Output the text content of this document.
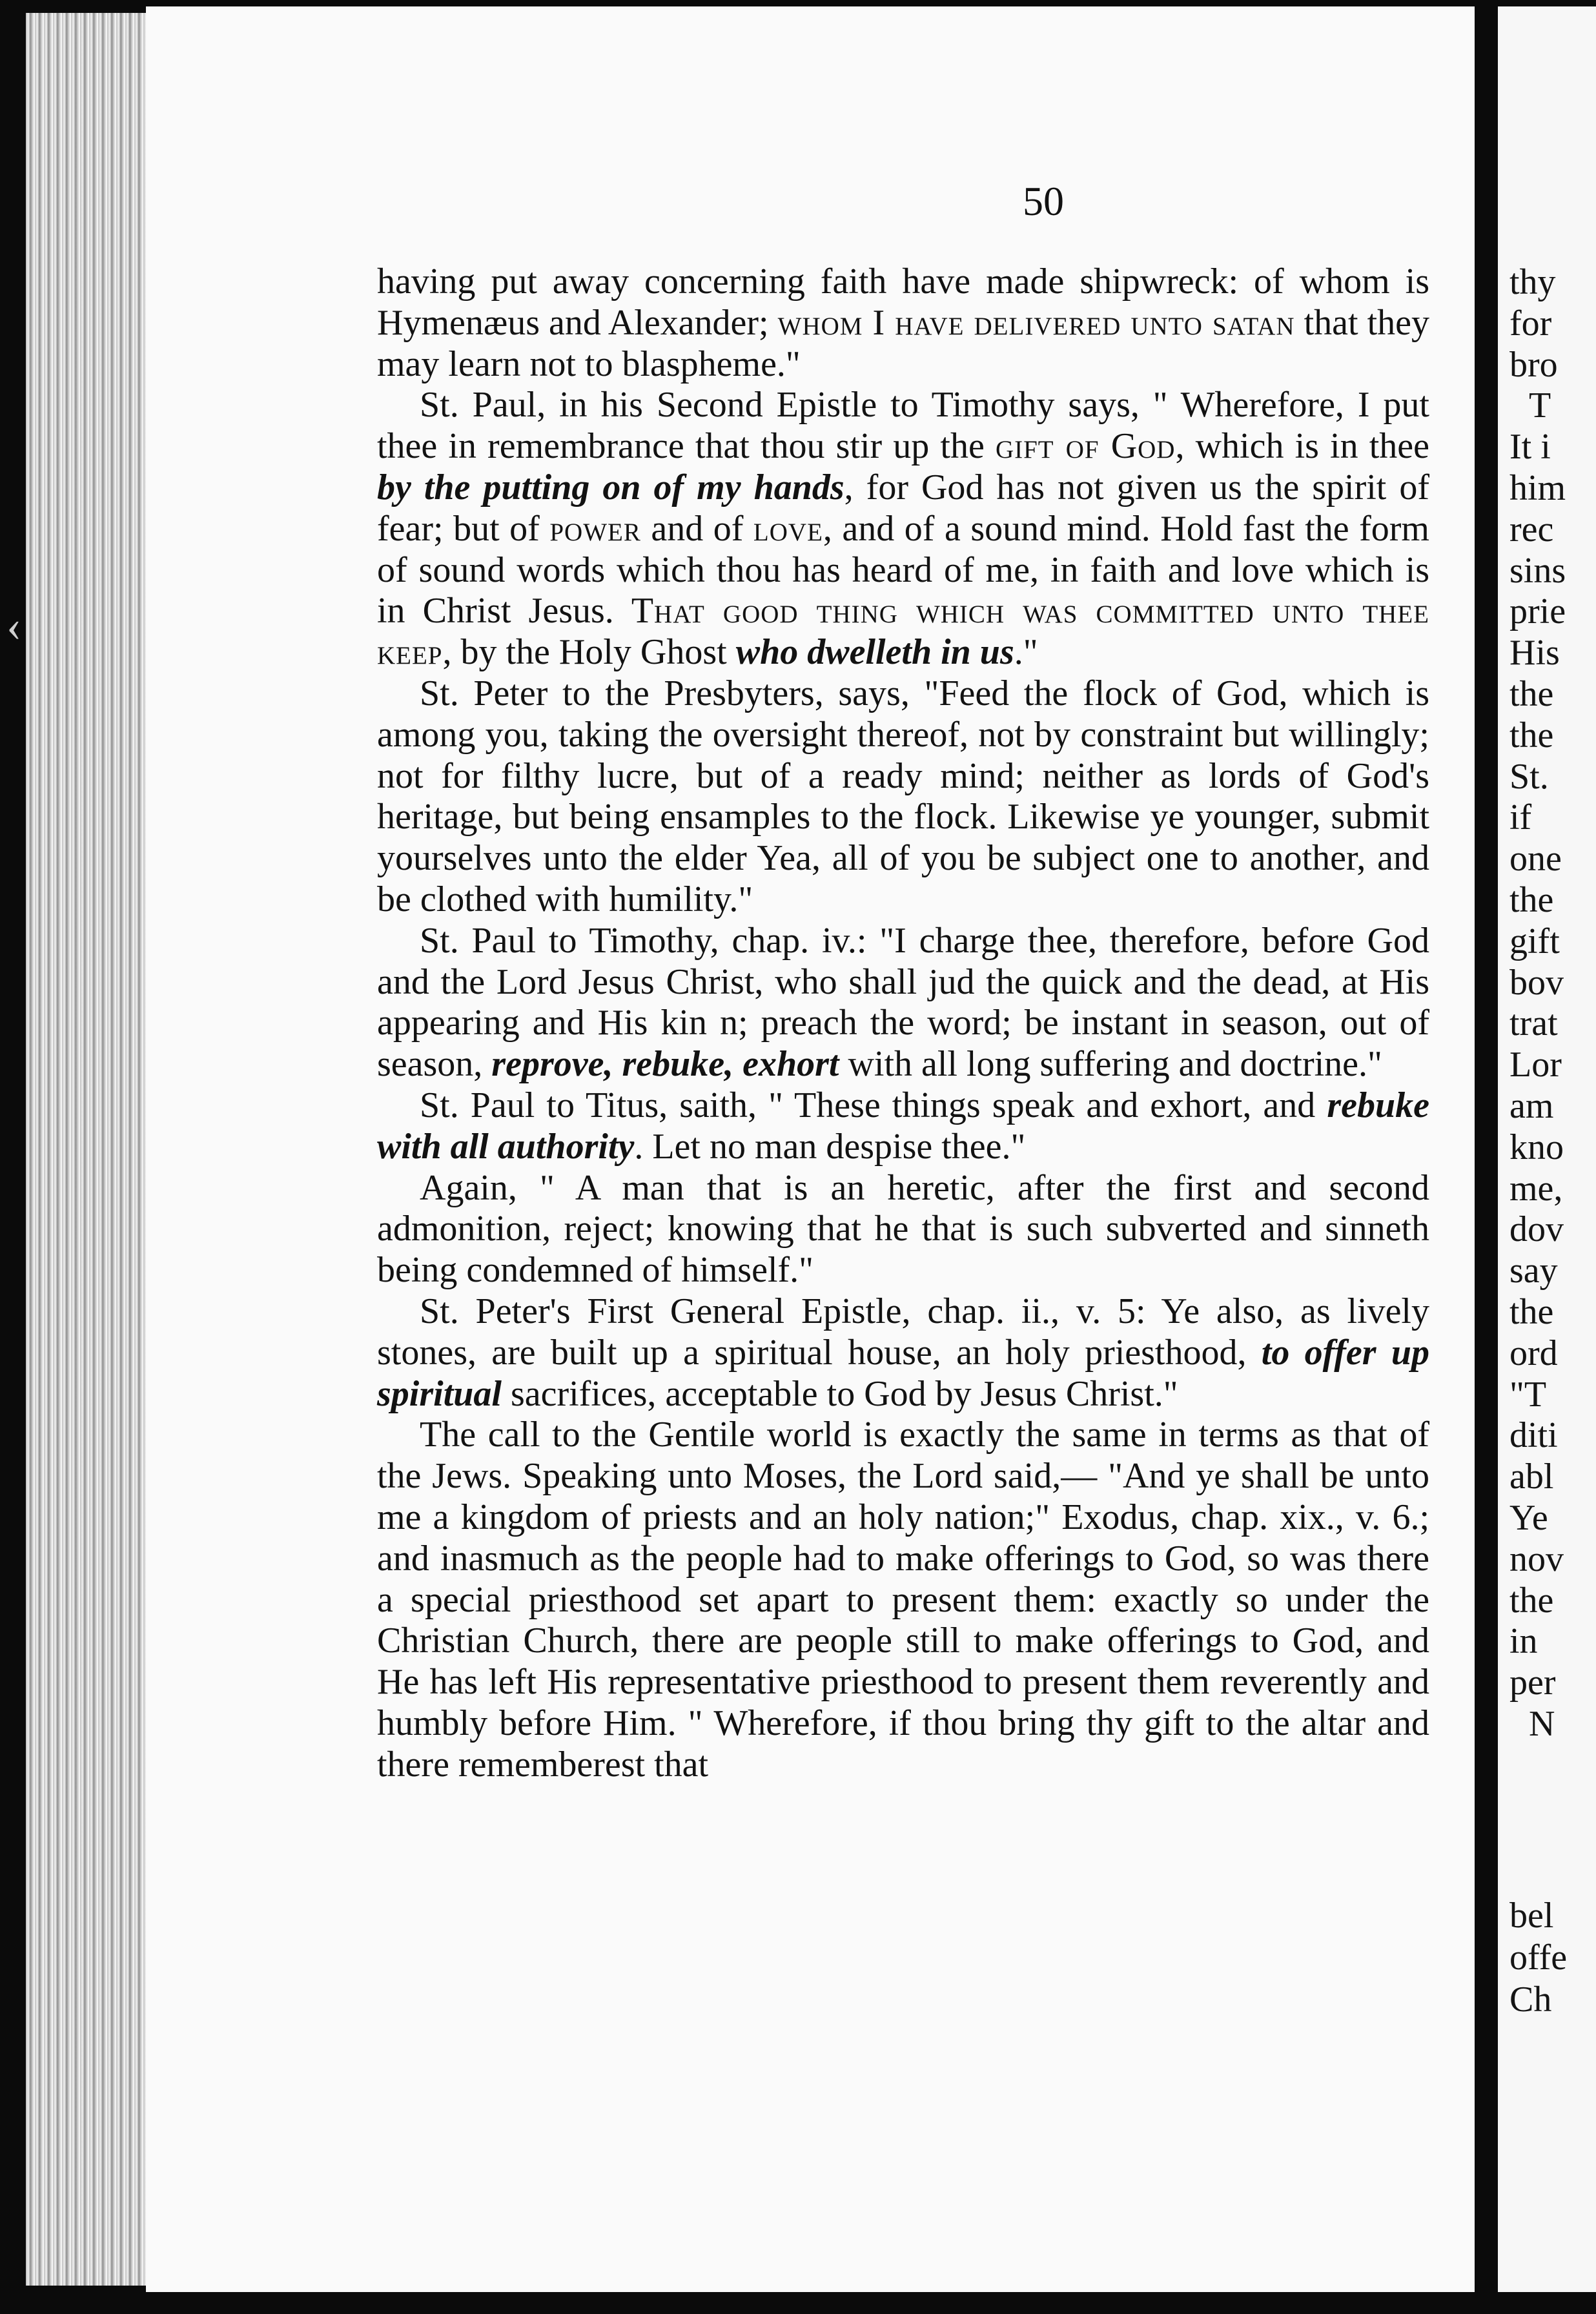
50

having put away concerning faith have made shipwreck: of whom is Hymenæus and Alexander; whom I have delivered unto satan that they may learn not to blaspheme."

St. Paul, in his Second Epistle to Timothy says, " Wherefore, I put thee in remembrance that thou stir up the gift of God, which is in thee by the putting on of my hands, for God has not given us the spirit of fear; but of power and of love, and of a sound mind. Hold fast the form of sound words which thou has heard of me, in faith and love which is in Christ Jesus. That good thing which was committed unto thee keep, by the Holy Ghost who dwelleth in us."

St. Peter to the Presbyters, says, "Feed the flock of God, which is among you, taking the oversight thereof, not by constraint but willingly; not for filthy lucre, but of a ready mind; neither as lords of God's heritage, but being ensamples to the flock. Likewise ye younger, submit yourselves unto the elder Yea, all of you be subject one to another, and be clothed with humility."

St. Paul to Timothy, chap. iv.: "I charge thee, therefore, before God and the Lord Jesus Christ, who shall jud the quick and the dead, at His appearing and His kin n; preach the word; be instant in season, out of season, reprove, rebuke, exhort with all long suffering and doctrine."

St. Paul to Titus, saith, " These things speak and exhort, and rebuke with all authority. Let no man despise thee."

Again, " A man that is an heretic, after the first and second admonition, reject; knowing that he that is such subverted and sinneth being condemned of himself."

St. Peter's First General Epistle, chap. ii., v. 5: Ye also, as lively stones, are built up a spiritual house, an holy priesthood, to offer up spiritual sacrifices, acceptable to God by Jesus Christ."

The call to the Gentile world is exactly the same in terms as that of the Jews. Speaking unto Moses, the Lord said,— "And ye shall be unto me a kingdom of priests and an holy nation;" Exodus, chap. xix., v. 6.; and inasmuch as the people had to make offerings to God, so was there a special priesthood set apart to present them: exactly so under the Christian Church, there are people still to make offerings to God, and He has left His representative priesthood to present them reverently and humbly before Him. " Wherefore, if thou bring thy gift to the altar and there rememberest that

thy
for
bro
T
It i
him
rec
sins
prie
His
the
the
St.
if
one
the
gift
bov
trat
Lor
am
kno
me,
dov
say
the
ord
"T
diti
abl
Ye
nov
the
in
per
N
bel
offe
Ch
‹
